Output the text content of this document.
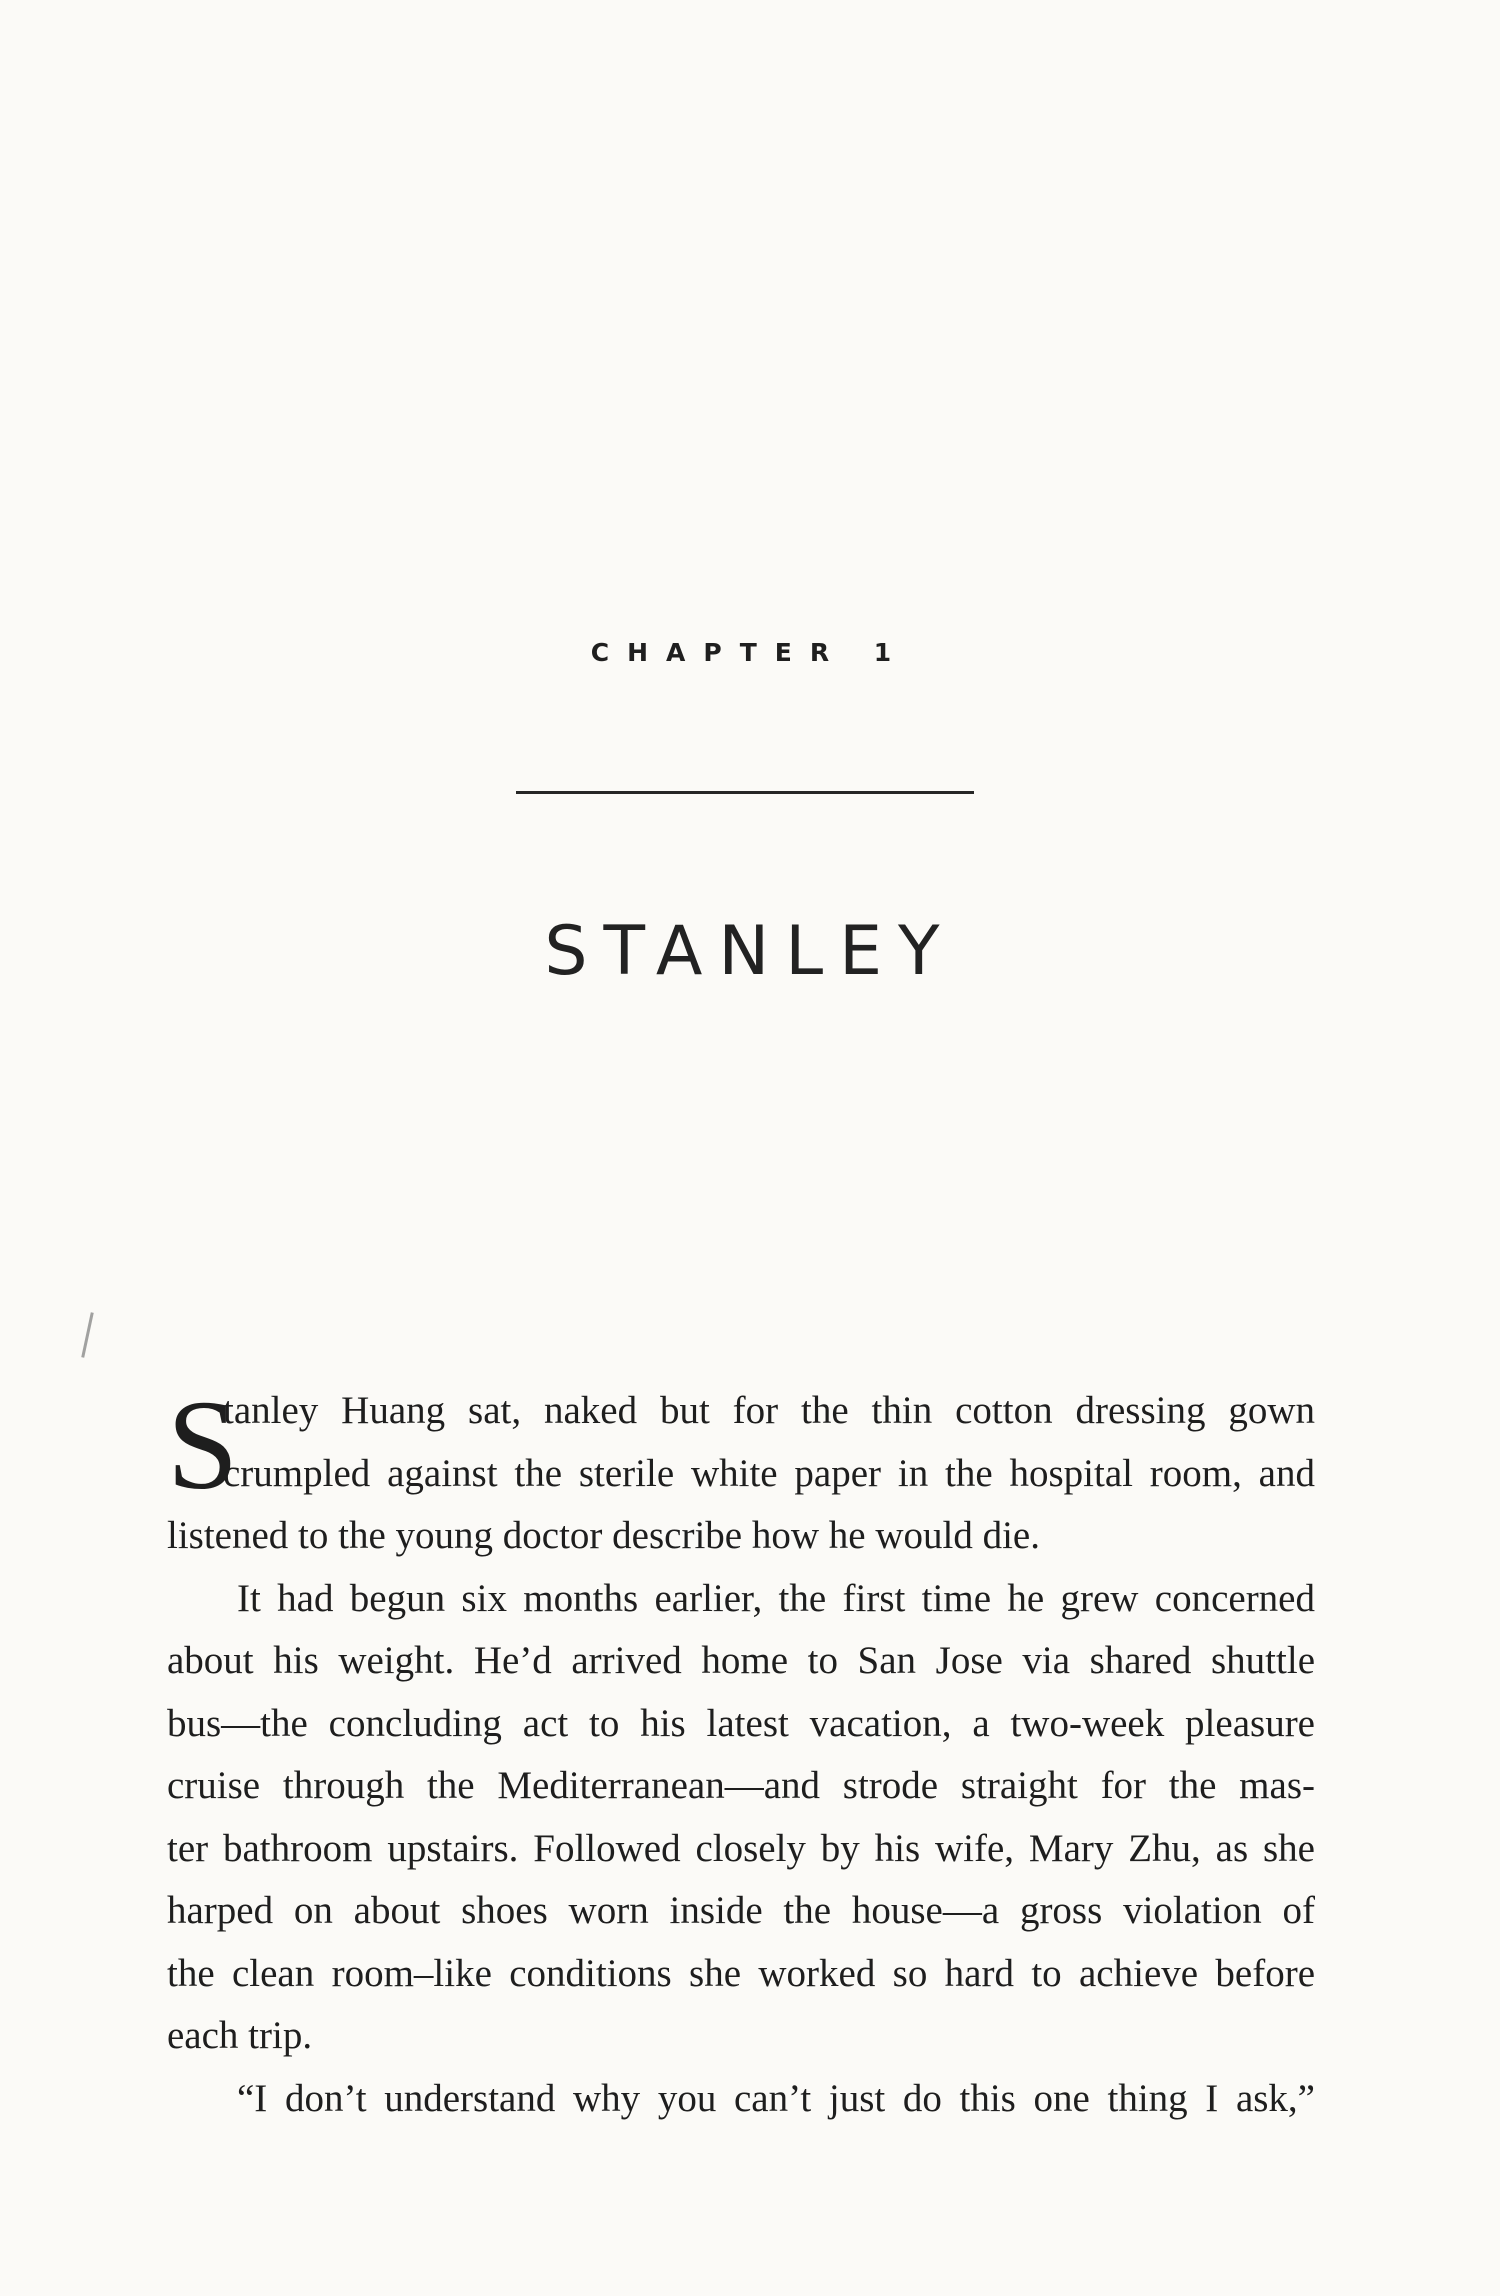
CHAPTER 1
STANLEY
S
tanley Huang sat, naked but for the thin cotton dressing gown
crumpled against the sterile white paper in the hospital room, and
listened to the young doctor describe how he would die.
It had begun six months earlier, the first time he grew concerned
about his weight. He’d arrived home to San Jose via shared shuttle
bus—the concluding act to his latest vacation, a two-week pleasure
cruise through the Mediterranean—and strode straight for the mas-
ter bathroom upstairs. Followed closely by his wife, Mary Zhu, as she
harped on about shoes worn inside the house—a gross violation of
the clean room–like conditions she worked so hard to achieve before
each trip.
“I don’t understand why you can’t just do this one thing I ask,”
